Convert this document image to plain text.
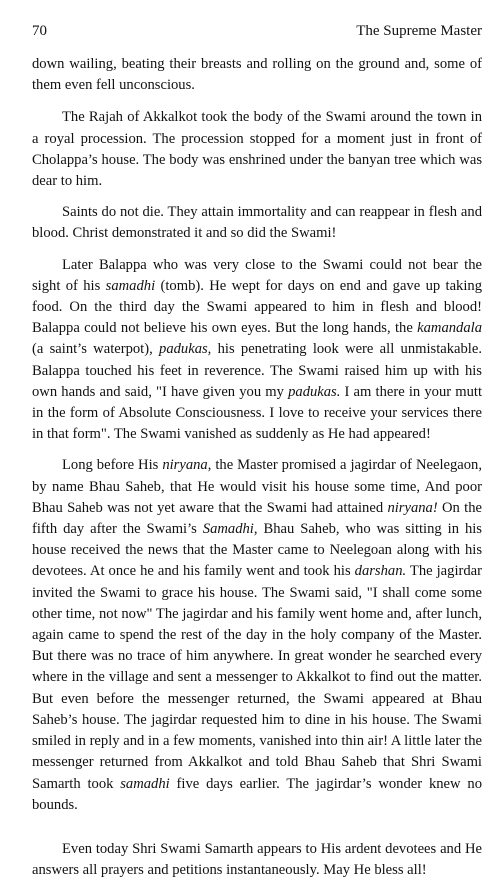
70	The Supreme Master

down wailing, beating their breasts and rolling on the ground and, some of them even fell unconscious.

The Rajah of Akkalkot took the body of the Swami around the town in a royal procession. The procession stopped for a moment just in front of Cholappa’s house. The body was enshrined under the banyan tree which was dear to him.

Saints do not die. They attain immortality and can reappear in flesh and blood. Christ demonstrated it and so did the Swami!

Later Balappa who was very close to the Swami could not bear the sight of his samadhi (tomb). He wept for days on end and gave up taking food. On the third day the Swami appeared to him in flesh and blood! Balappa could not believe his own eyes. But the long hands, the kamandala (a saint’s waterpot), padukas, his penetrating look were all unmistakable. Balappa touched his feet in reverence. The Swami raised him up with his own hands and said, "I have given you my padukas. I am there in your mutt in the form of Absolute Consciousness. I love to receive your services there in that form". The Swami vanished as suddenly as He had appeared!

Long before His niryana, the Master promised a jagirdar of Neelegaon, by name Bhau Saheb, that He would visit his house some time, And poor Bhau Saheb was not yet aware that the Swami had attained niryana! On the fifth day after the Swami’s Samadhi, Bhau Saheb, who was sitting in his house received the news that the Master came to Neelegoan along with his devotees. At once he and his family went and took his darshan. The jagirdar invited the Swami to grace his house. The Swami said, "I shall come some other time, not now" The jagirdar and his family went home and, after lunch, again came to spend the rest of the day in the holy company of the Master. But there was no trace of him anywhere. In great wonder he searched every where in the village and sent a messenger to Akkalkot to find out the matter. But even before the messenger returned, the Swami appeared at Bhau Saheb’s house. The jagirdar requested him to dine in his house. The Swami smiled in reply and in a few moments, vanished into thin air! A little later the messenger returned from Akkalkot and told Bhau Saheb that Shri Swami Samarth took samadhi five days earlier. The jagirdar’s wonder knew no bounds.

Even today Shri Swami Samarth appears to His ardent devotees and He answers all prayers and petitions instantaneously. May He bless all!
